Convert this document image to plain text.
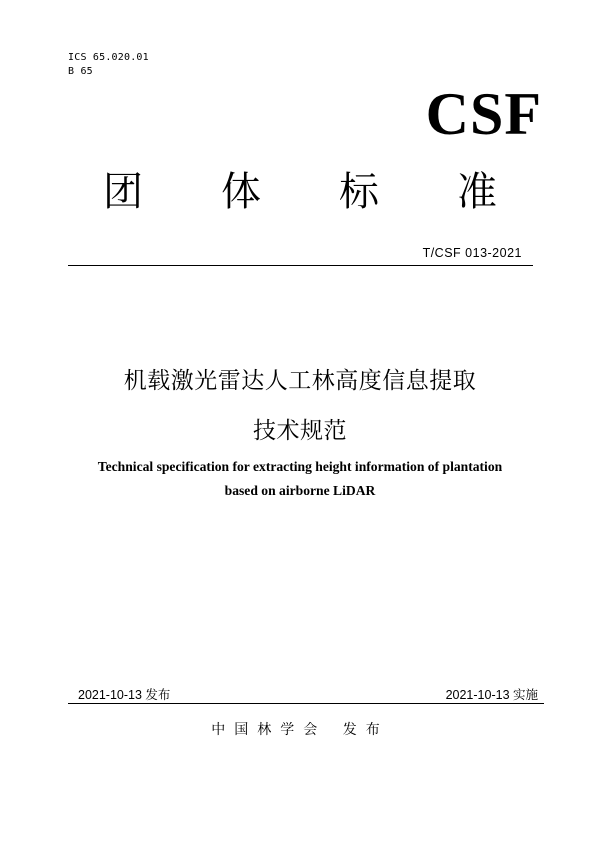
ICS 65.020.01
B 65
CSF
团 体 标 准
T/CSF 013-2021
机载激光雷达人工林高度信息提取
技术规范
Technical specification for extracting height information of plantation
based on airborne LiDAR
2021-10-13 发布	2021-10-13 实施
中国林学会 发布
